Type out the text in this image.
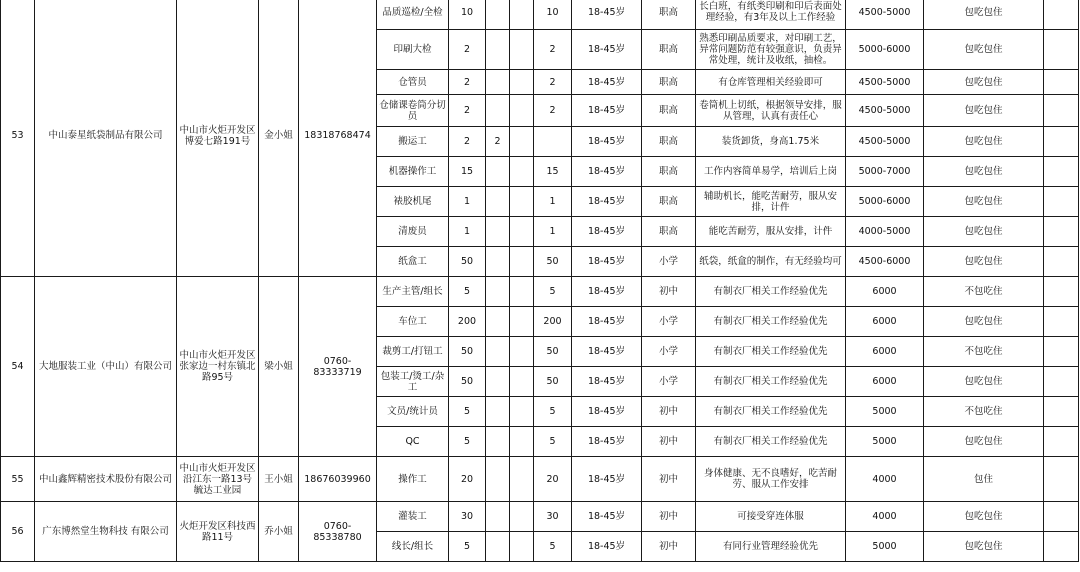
53	中山泰星纸袋制品有限公司	中山市火炬开发区博爱七路191号	金小姐	18318768474	品质巡检/全检	10			10	18-45岁	职高	长白班，有纸类印刷和印后表面处理经验，有3年及以上工作经验	4500-5000	包吃包住	
					印刷大检	2			2	18-45岁	职高	熟悉印刷品质要求，对印刷工艺，异常问题防范有较强意识，负责异常处理，统计及收纸，抽检。	5000-6000	包吃包住	
					仓管员	2			2	18-45岁	职高	有仓库管理相关经验即可	4500-5000	包吃包住	
					仓储课卷筒分切员	2			2	18-45岁	职高	卷筒机上切纸，根据领导安排，服从管理，认真有责任心	4500-5000	包吃包住	
					搬运工	2	2			18-45岁	职高	装货卸货，身高1.75米	4500-5000	包吃包住	
					机器操作工	15			15	18-45岁	职高	工作内容简单易学，培训后上岗	5000-7000	包吃包住	
					裱胶机尾	1			1	18-45岁	职高	辅助机长，能吃苦耐劳，服从安排，计件	5000-6000	包吃包住	
					清废员	1			1	18-45岁	职高	能吃苦耐劳，服从安排，计件	4000-5000	包吃包住	
					纸盒工	50			50	18-45岁	小学	纸袋，纸盒的制作，有无经验均可	4500-6000	包吃包住	
54	大地服装工业（中山）有限公司	中山市火炬开发区张家边一村东镇北路95号	梁小姐	0760-83333719	生产主管/组长	5			5	18-45岁	初中	有制衣厂相关工作经验优先	6000	不包吃住	
					车位工	200			200	18-45岁	小学	有制衣厂相关工作经验优先	6000	包吃包住	
					裁剪工/打钮工	50			50	18-45岁	小学	有制衣厂相关工作经验优先	6000	不包吃住	
					包装工/烫工/杂工	50			50	18-45岁	小学	有制衣厂相关工作经验优先	6000	包吃包住	
					文员/统计员	5			5	18-45岁	初中	有制衣厂相关工作经验优先	5000	不包吃住	
					QC	5			5	18-45岁	初中	有制衣厂相关工作经验优先	5000	包吃包住	
55	中山鑫辉精密技术股份有限公司	中山市火炬开发区沿江东一路13号毓达工业园	王小姐	18676039960	操作工	20			20	18-45岁	初中	身体健康、无不良嗜好，吃苦耐劳、服从工作安排	4000	包住	
56	广东博然堂生物科技 有限公司	火炬开发区科技西路11号	乔小姐	0760-85338780	灌装工	30			30	18-45岁	初中	可接受穿连体服	4000	包吃包住	
					线长/组长	5			5	18-45岁	初中	有同行业管理经验优先	5000	包吃包住	
